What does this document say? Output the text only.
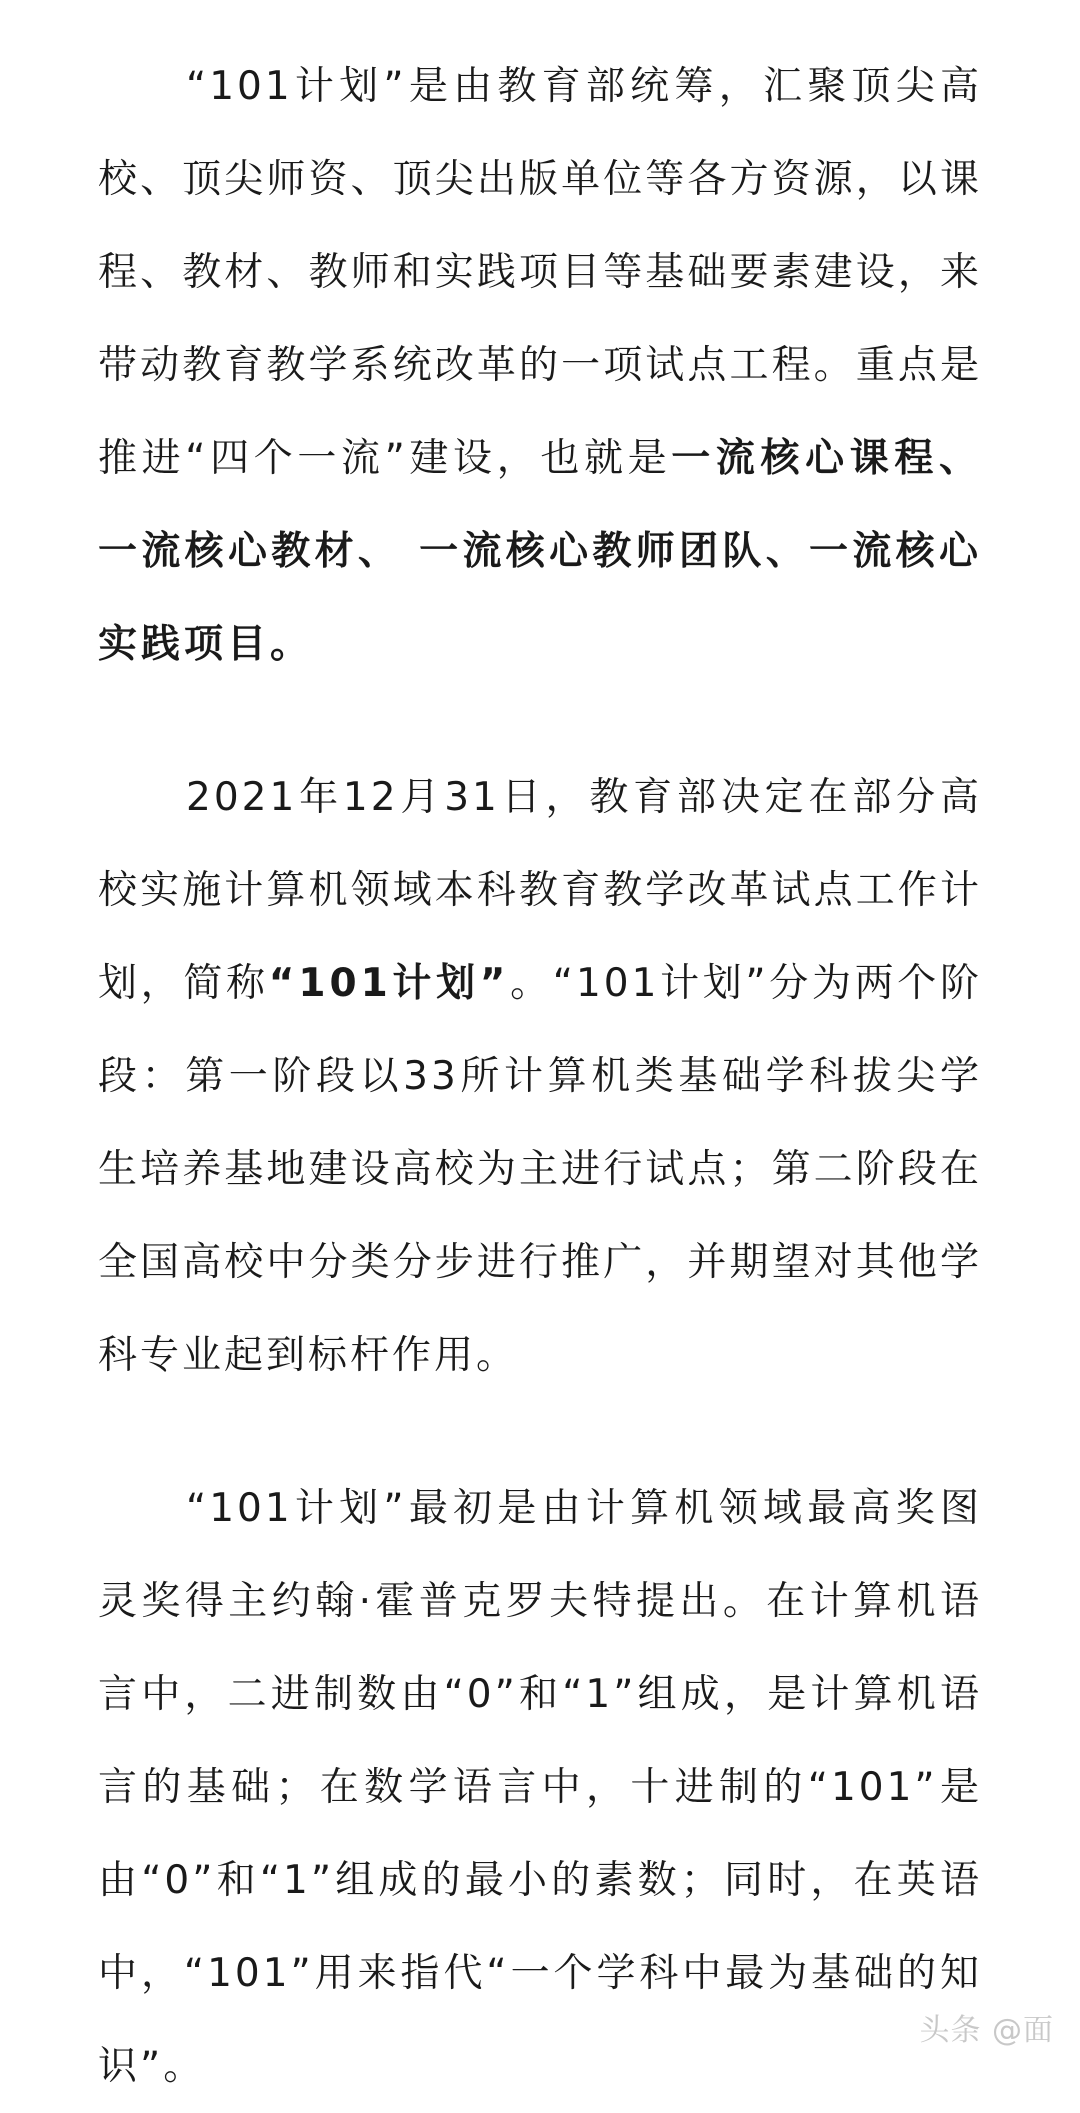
“101计划”是由教育部统筹，汇聚顶尖高校、顶尖师资、顶尖出版单位等各方资源，以课程、教材、教师和实践项目等基础要素建设，来带动教育教学系统改革的一项试点工程。重点是推进“四个一流”建设，也就是一流核心课程、一流核心教材、 一流核心教师团队、一流核心实践项目。

2021年12月31日，教育部决定在部分高校实施计算机领域本科教育教学改革试点工作计划，简称“101计划”。“101计划”分为两个阶段：第一阶段以33所计算机类基础学科拔尖学生培养基地建设高校为主进行试点；第二阶段在全国高校中分类分步进行推广，并期望对其他学科专业起到标杆作用。

“101计划”最初是由计算机领域最高奖图灵奖得主约翰·霍普克罗夫特提出。在计算机语言中，二进制数由“0”和“1”组成，是计算机语言的基础；在数学语言中，十进制的“101”是由“0”和“1”组成的最小的素数；同时，在英语中，“101”用来指代“一个学科中最为基础的知识”。

头条 @面
